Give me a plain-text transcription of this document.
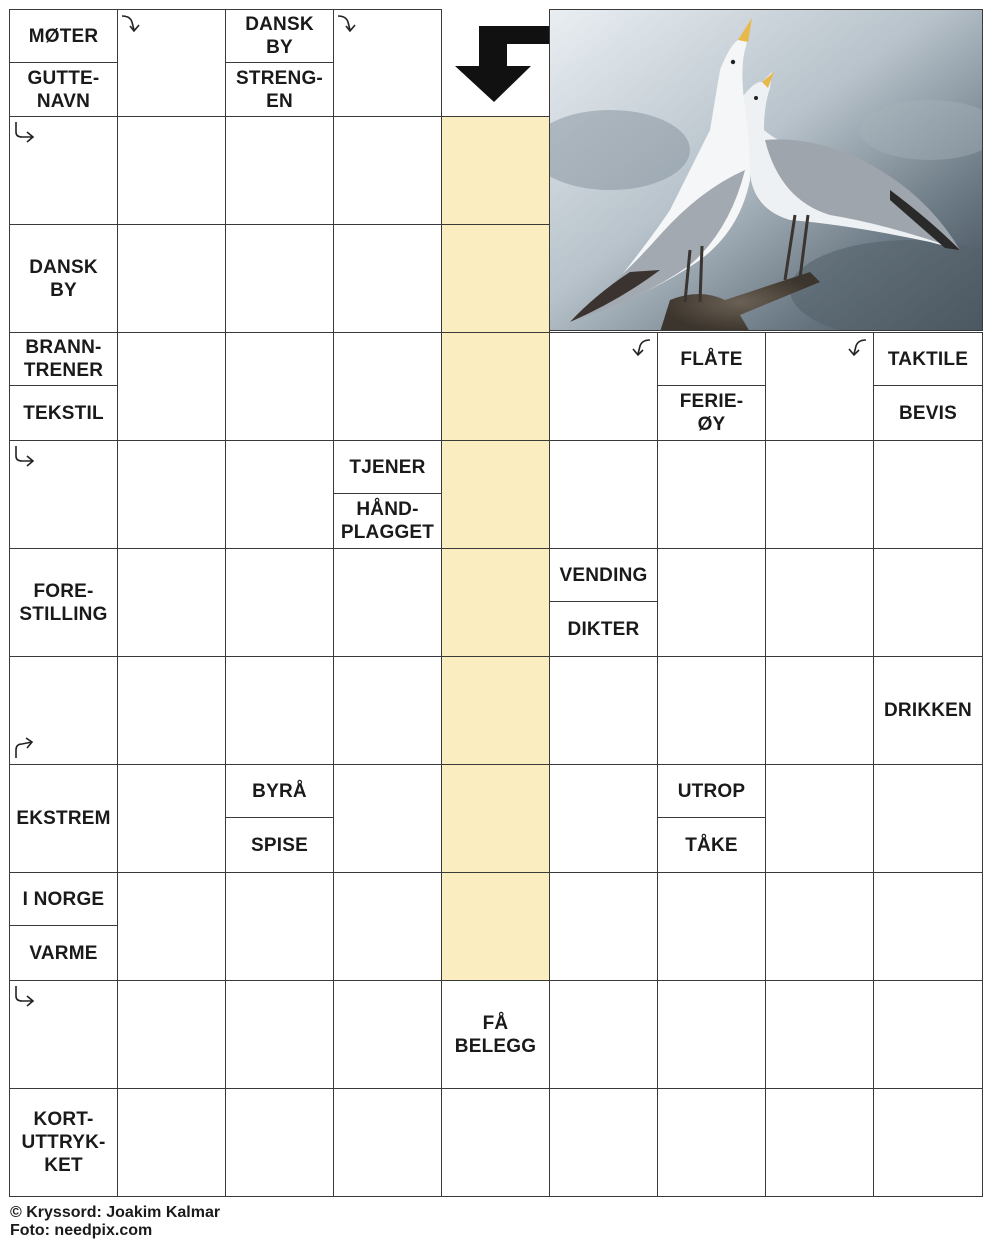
MØTER
GUTTE-
NAVN
DANSK
BY
STRENG-
EN
DANSK
BY
BRANN-
TRENER
TEKSTIL
FLÅTE
FERIE-
ØY
TAKTILE
BEVIS
TJENER
HÅND-
PLAGGET
FORE-
STILLING
VENDING
DIKTER
DRIKKEN
EKSTREM
BYRÅ
SPISE
UTROP
TÅKE
I NORGE
VARME
FÅ
BELEGG
KORT-
UTTRYK-
KET
© Kryssord: Joakim Kalmar
Foto: needpix.com
